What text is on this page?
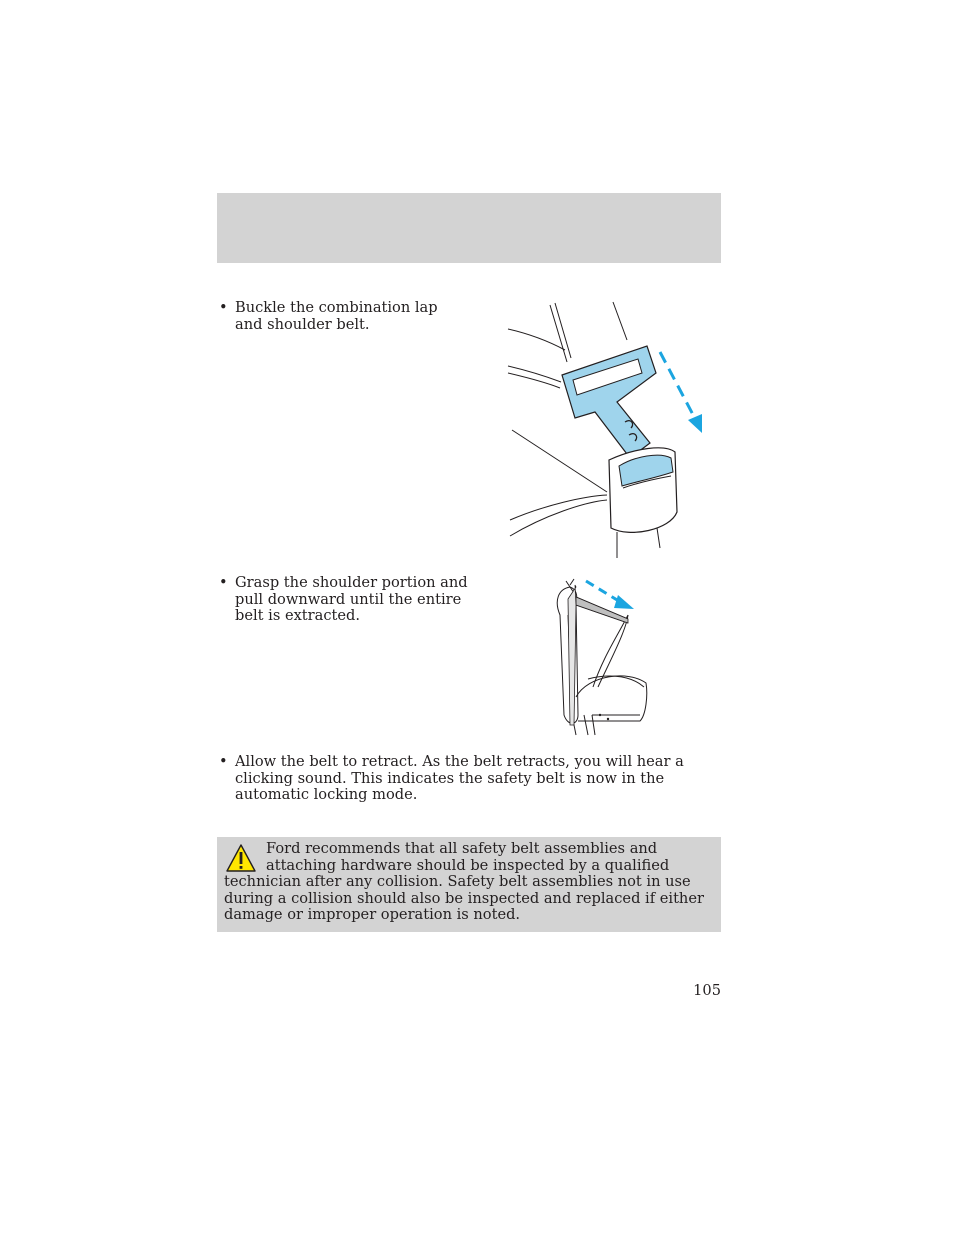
• Buckle the combination lap and shoulder belt.
• Grasp the shoulder portion and pull downward until the entire belt is extracted.
• Allow the belt to retract. As the belt retracts, you will hear a clicking sound. This indicates the safety belt is now in the automatic locking mode.
Ford recommends that all safety belt assemblies and attaching hardware should be inspected by a qualified technician after any collision. Safety belt assemblies not in use during a collision should also be inspected and replaced if either damage or improper operation is noted.
105
